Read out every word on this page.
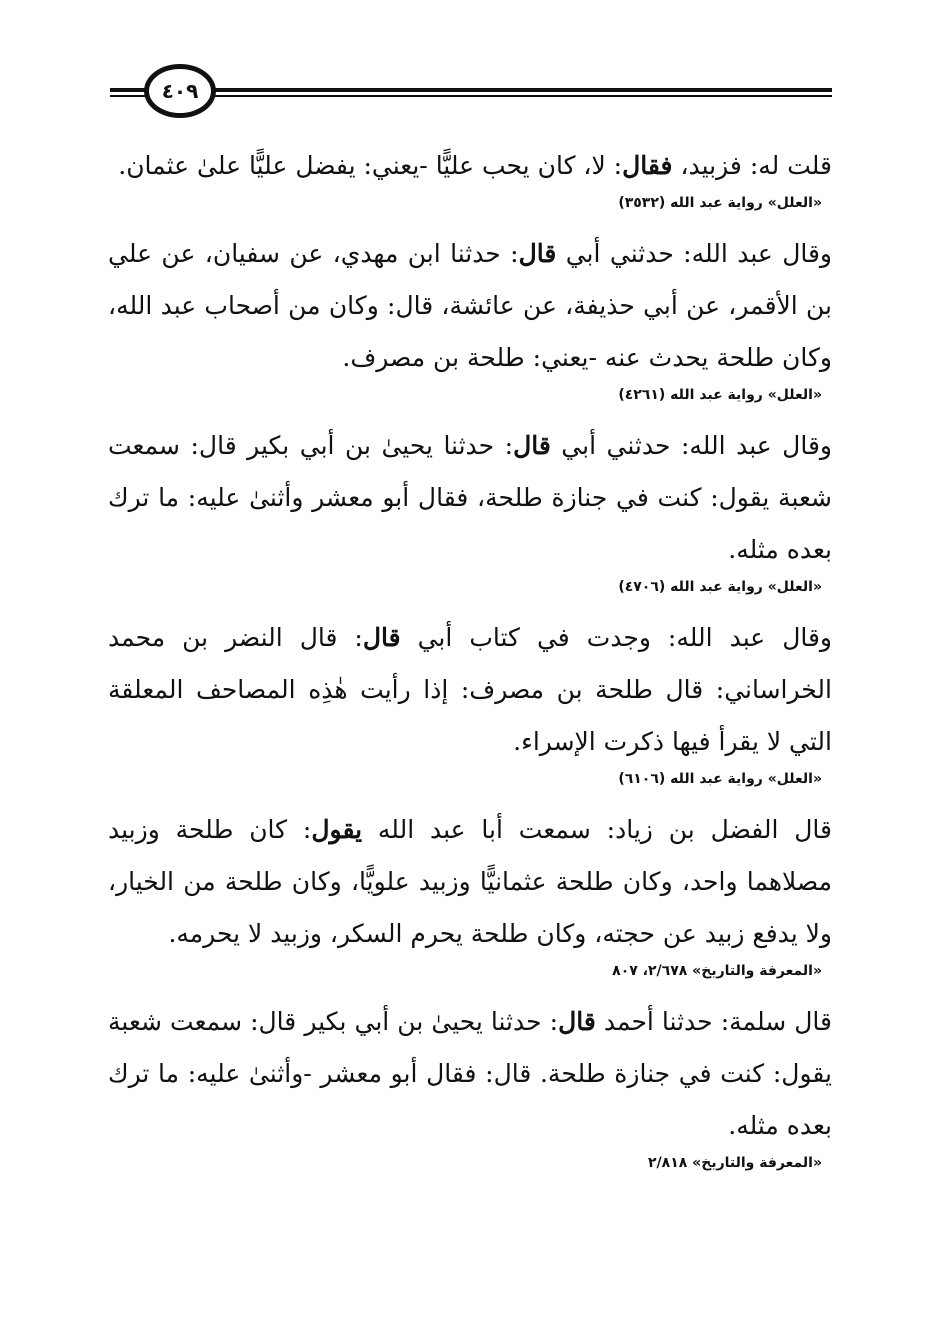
٤٠٩

قلت له: فزبيد، فقال: لا، كان يحب عليًّا -يعني: يفضل عليًّا علىٰ عثمان.

«العلل» رواية عبد الله (٣٥٣٢)

وقال عبد الله: حدثني أبي قال: حدثنا ابن مهدي، عن سفيان، عن علي بن الأقمر، عن أبي حذيفة، عن عائشة، قال: وكان من أصحاب عبد الله، وكان طلحة يحدث عنه -يعني: طلحة بن مصرف.

«العلل» رواية عبد الله (٤٢٦١)

وقال عبد الله: حدثني أبي قال: حدثنا يحيىٰ بن أبي بكير قال: سمعت شعبة يقول: كنت في جنازة طلحة، فقال أبو معشر وأثنىٰ عليه: ما ترك بعده مثله.

«العلل» رواية عبد الله (٤٧٠٦)

وقال عبد الله: وجدت في كتاب أبي قال: قال النضر بن محمد الخراساني: قال طلحة بن مصرف: إذا رأيت هٰذِه المصاحف المعلقة التي لا يقرأ فيها ذكرت الإسراء.

«العلل» رواية عبد الله (٦١٠٦)

قال الفضل بن زياد: سمعت أبا عبد الله يقول: كان طلحة وزبيد مصلاهما واحد، وكان طلحة عثمانيًّا وزبيد علويًّا، وكان طلحة من الخيار، ولا يدفع زبيد عن حجته، وكان طلحة يحرم السكر، وزبيد لا يحرمه.

«المعرفة والتاريخ» ٢/٦٧٨، ٨٠٧

قال سلمة: حدثنا أحمد قال: حدثنا يحيىٰ بن أبي بكير قال: سمعت شعبة يقول: كنت في جنازة طلحة. قال: فقال أبو معشر -وأثنىٰ عليه: ما ترك بعده مثله.

«المعرفة والتاريخ» ٢/٨١٨
